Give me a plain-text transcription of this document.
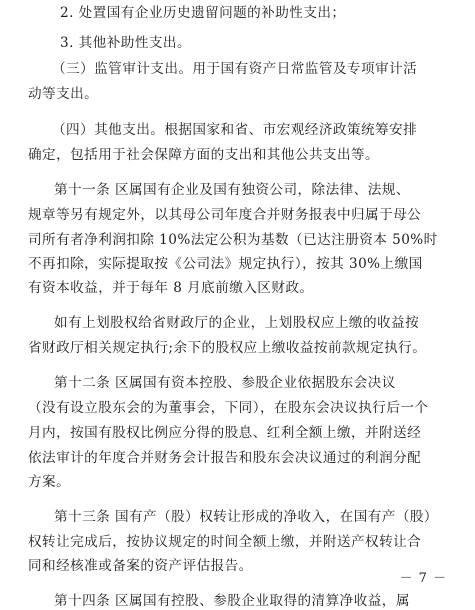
2. 处置国有企业历史遗留问题的补助性支出；
3. 其他补助性支出。
（三）监管审计支出。用于国有资产日常监管及专项审计活
动等支出。
（四）其他支出。根据国家和省、市宏观经济政策统筹安排
确定，包括用于社会保障方面的支出和其他公共支出等。
第十一条 区属国有企业及国有独资公司，除法律、法规、
规章等另有规定外，以其母公司年度合并财务报表中归属于母公
司所有者净利润扣除 10%法定公积为基数（已达注册资本 50%时
不再扣除，实际提取按《公司法》规定执行），按其 30%上缴国
有资本收益，并于每年 8 月底前缴入区财政。
如有上划股权给省财政厅的企业，上划股权应上缴的收益按
省财政厅相关规定执行;余下的股权应上缴收益按前款规定执行。
第十二条 区属国有资本控股、参股企业依据股东会决议
（没有设立股东会的为董事会，下同），在股东会决议执行后一个
月内，按国有股权比例应分得的股息、红利全额上缴，并附送经
依法审计的年度合并财务会计报告和股东会决议通过的利润分配
方案。
第十三条 国有产（股）权转让形成的净收入，在国有产（股）
权转让完成后，按协议规定的时间全额上缴，并附送产权转让合
同和经核准或备案的资产评估报告。
第十四条 区属国有控股、参股企业取得的清算净收益，属
－ 7 －
